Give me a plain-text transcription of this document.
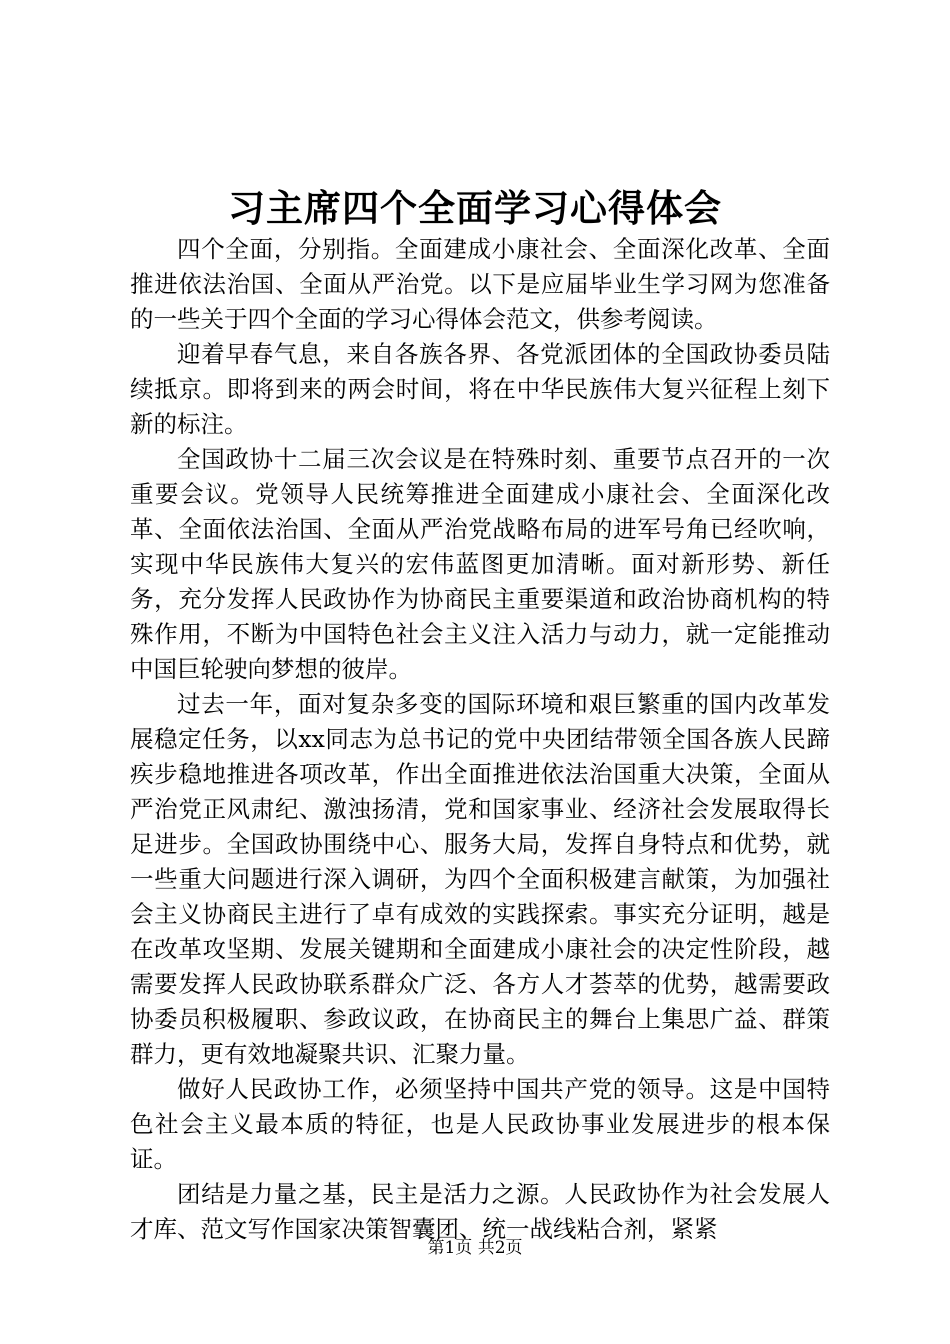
习主席四个全面学习心得体会

四个全面，分别指。全面建成小康社会、全面深化改革、全面推进依法治国、全面从严治党。以下是应届毕业生学习网为您准备的一些关于四个全面的学习心得体会范文，供参考阅读。

迎着早春气息，来自各族各界、各党派团体的全国政协委员陆续抵京。即将到来的两会时间，将在中华民族伟大复兴征程上刻下新的标注。

全国政协十二届三次会议是在特殊时刻、重要节点召开的一次重要会议。党领导人民统筹推进全面建成小康社会、全面深化改革、全面依法治国、全面从严治党战略布局的进军号角已经吹响，实现中华民族伟大复兴的宏伟蓝图更加清晰。面对新形势、新任务，充分发挥人民政协作为协商民主重要渠道和政治协商机构的特殊作用，不断为中国特色社会主义注入活力与动力，就一定能推动中国巨轮驶向梦想的彼岸。

过去一年，面对复杂多变的国际环境和艰巨繁重的国内改革发展稳定任务，以xx同志为总书记的党中央团结带领全国各族人民蹄疾步稳地推进各项改革，作出全面推进依法治国重大决策，全面从严治党正风肃纪、激浊扬清，党和国家事业、经济社会发展取得长足进步。全国政协围绕中心、服务大局，发挥自身特点和优势，就一些重大问题进行深入调研，为四个全面积极建言献策，为加强社会主义协商民主进行了卓有成效的实践探索。事实充分证明，越是在改革攻坚期、发展关键期和全面建成小康社会的决定性阶段，越需要发挥人民政协联系群众广泛、各方人才荟萃的优势，越需要政协委员积极履职、参政议政，在协商民主的舞台上集思广益、群策群力，更有效地凝聚共识、汇聚力量。

做好人民政协工作，必须坚持中国共产党的领导。这是中国特色社会主义最本质的特征，也是人民政协事业发展进步的根本保证。

团结是力量之基，民主是活力之源。人民政协作为社会发展人才库、范文写作国家决策智囊团、统一战线粘合剂，紧紧

第1页 共2页
